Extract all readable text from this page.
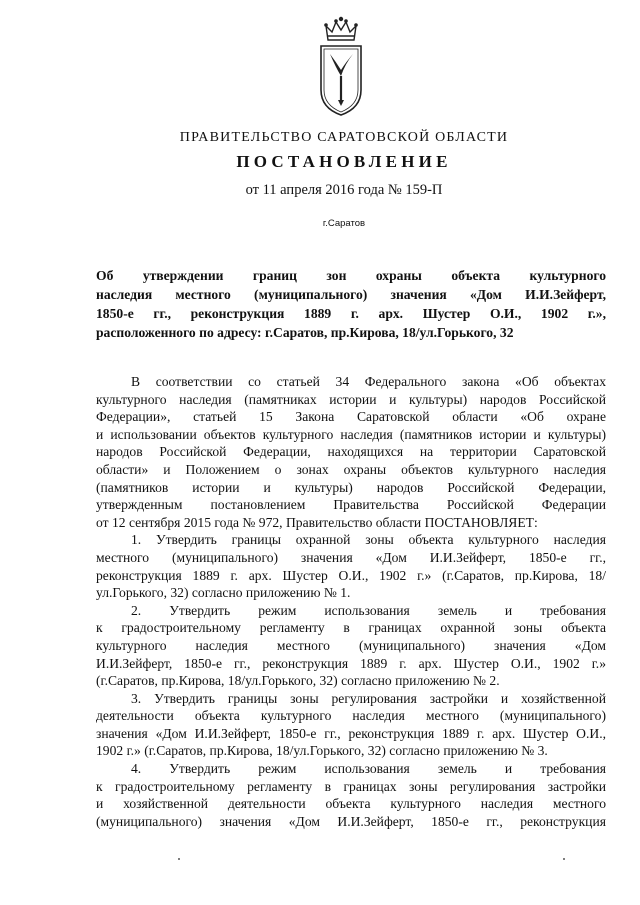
ПРАВИТЕЛЬСТВО САРАТОВСКОЙ ОБЛАСТИ
ПОСТАНОВЛЕНИЕ
от 11 апреля 2016 года № 159-П
г.Саратов
Об утверждении границ зон охраны объекта культурного
наследия местного (муниципального) значения «Дом И.И.Зейферт,
1850-е гг., реконструкция 1889 г. арх. Шустер О.И., 1902 г.»,
расположенного по адресу: г.Саратов, пр.Кирова, 18/ул.Горького, 32
В соответствии со статьей 34 Федерального закона «Об объектах
культурного наследия (памятниках истории и культуры) народов Российской
Федерации», статьей 15 Закона Саратовской области «Об охране
и использовании объектов культурного наследия (памятников истории и культуры)
народов Российской Федерации, находящихся на территории Саратовской
области» и Положением о зонах охраны объектов культурного наследия
(памятников истории и культуры) народов Российской Федерации,
утвержденным постановлением Правительства Российской Федерации
от 12 сентября 2015 года № 972, Правительство области ПОСТАНОВЛЯЕТ:
1. Утвердить границы охранной зоны объекта культурного наследия
местного (муниципального) значения «Дом И.И.Зейферт, 1850-е гг.,
реконструкция 1889 г. арх. Шустер О.И., 1902 г.» (г.Саратов, пр.Кирова, 18/
ул.Горького, 32) согласно приложению № 1.
2. Утвердить режим использования земель и требования
к градостроительному регламенту в границах охранной зоны объекта
культурного наследия местного (муниципального) значения «Дом
И.И.Зейферт, 1850-е гг., реконструкция 1889 г. арх. Шустер О.И., 1902 г.»
(г.Саратов, пр.Кирова, 18/ул.Горького, 32) согласно приложению № 2.
3. Утвердить границы зоны регулирования застройки и хозяйственной
деятельности объекта культурного наследия местного (муниципального)
значения «Дом И.И.Зейферт, 1850-е гг., реконструкция 1889 г. арх. Шустер О.И.,
1902 г.» (г.Саратов, пр.Кирова, 18/ул.Горького, 32) согласно приложению № 3.
4. Утвердить режим использования земель и требования
к градостроительному регламенту в границах зоны регулирования застройки
и хозяйственной деятельности объекта культурного наследия местного
(муниципального) значения «Дом И.И.Зейферт, 1850-е гг., реконструкция
